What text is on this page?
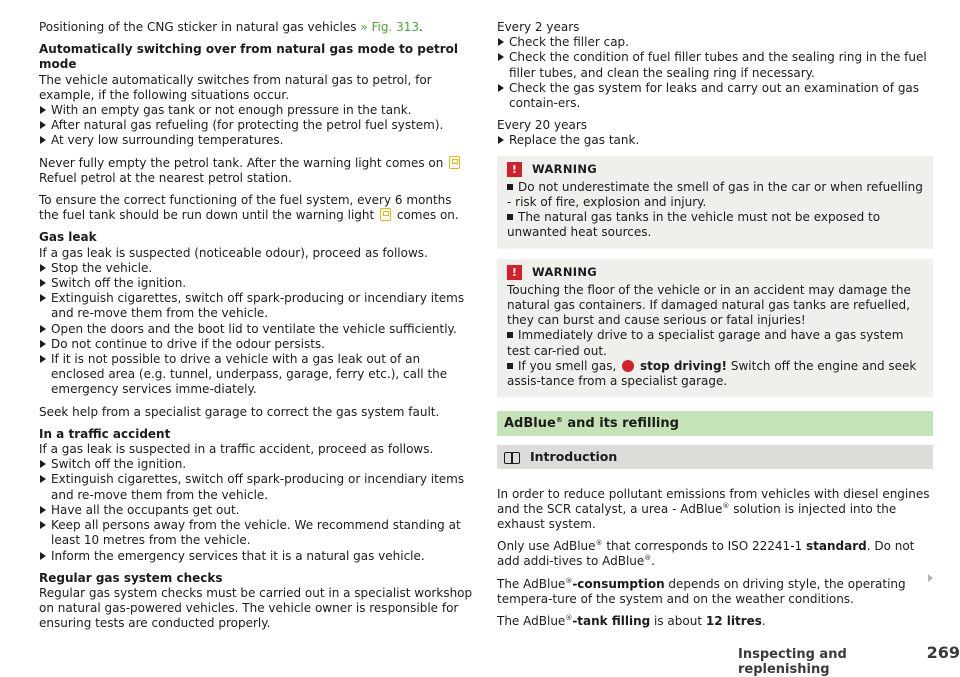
Positioning of the CNG sticker in natural gas vehicles » Fig. 313.

Automatically switching over from natural gas mode to petrol mode
The vehicle automatically switches from natural gas to petrol, for example, if the following situations occur.
With an empty gas tank or not enough pressure in the tank.
After natural gas refueling (for protecting the petrol fuel system).
At very low surrounding temperatures.

Never fully empty the petrol tank. After the warning light comes on  Refuel petrol at the nearest petrol station.

To ensure the correct functioning of the fuel system, every 6 months the fuel tank should be run down until the warning light comes on.

Gas leak
If a gas leak is suspected (noticeable odour), proceed as follows.
Stop the vehicle.
Switch off the ignition.
Extinguish cigarettes, switch off spark-producing or incendiary items and re-move them from the vehicle.
Open the doors and the boot lid to ventilate the vehicle sufficiently.
Do not continue to drive if the odour persists.
If it is not possible to drive a vehicle with a gas leak out of an enclosed area (e.g. tunnel, underpass, garage, ferry etc.), call the emergency services imme-diately.

Seek help from a specialist garage to correct the gas system fault.

In a traffic accident
If a gas leak is suspected in a traffic accident, proceed as follows.
Switch off the ignition.
Extinguish cigarettes, switch off spark-producing or incendiary items and re-move them from the vehicle.
Have all the occupants get out.
Keep all persons away from the vehicle. We recommend standing at least 10 metres from the vehicle.
Inform the emergency services that it is a natural gas vehicle.
Regular gas system checks
Regular gas system checks must be carried out in a specialist workshop on natural gas-powered vehicles. The vehicle owner is responsible for ensuring tests are conducted properly.
Every 2 years
Check the filler cap.
Check the condition of fuel filler tubes and the sealing ring in the fuel filler tubes, and clean the sealing ring if necessary.
Check the gas system for leaks and carry out an examination of gas contain-ers.
Every 20 years
Replace the gas tank.
!	WARNING
Do not underestimate the smell of gas in the car or when refuelling - risk of fire, explosion and injury.
The natural gas tanks in the vehicle must not be exposed to unwanted heat sources.
!	WARNING
Touching the floor of the vehicle or in an accident may damage the natural gas containers. If damaged natural gas tanks are refuelled, they can burst and cause serious or fatal injuries!
Immediately drive to a specialist garage and have a gas system test car-ried out.
If you smell gas, stop driving! Switch off the engine and seek assis-tance from a specialist garage.
AdBlue® and its refilling
Introduction

In order to reduce pollutant emissions from vehicles with diesel engines and the SCR catalyst, a urea - AdBlue® solution is injected into the exhaust system.

Only use AdBlue® that corresponds to ISO 22241-1 standard. Do not add addi-tives to AdBlue®.

The AdBlue®-consumption depends on driving style, the operating tempera-ture of the system and on the weather conditions.

The AdBlue®-tank filling is about 12 litres.

Inspecting and replenishing
269
